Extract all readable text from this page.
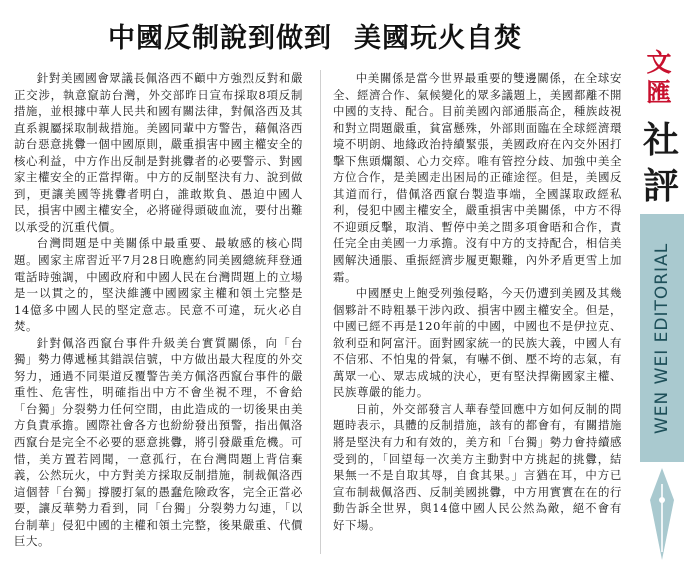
中國反制說到做到 美國玩火自焚

針對美國國會眾議長佩洛西不顧中方強烈反對和嚴正交涉，執意竄訪台灣，外交部昨日宣布採取8項反制措施，並根據中華人民共和國有關法律，對佩洛西及其直系親屬採取制裁措施。美國同輩中方警告，藉佩洛西訪台惡意挑釁一個中國原則，嚴重損害中國主權安全的核心利益，中方作出反制是對挑釁者的必要警示、對國家主權安全的正當捍衛。中方的反制堅決有力、說到做到，更讓美國等挑釁者明白，誰敢欺負、愚迫中國人民，損害中國主權安全，必將碰得頭破血流，要付出難以承受的沉重代價。

台灣問題是中美關係中最重要、最敏感的核心問題。國家主席習近平7月28日晚應約同美國總統拜登通電話時強調，中國政府和中國人民在台灣問題上的立場是一以貫之的，堅決維護中國國家主權和領土完整是14億多中國人民的堅定意志。民意不可違，玩火必自焚。

針對佩洛西竄台事件升級美台實質關係，向「台獨」勢力傳遞極其錯誤信號，中方做出最大程度的外交努力，通過不同渠道反覆警告美方佩洛西竄台事件的嚴重性、危害性，明確指出中方不會坐視不理，不會給「台獨」分裂勢力任何空間，由此造成的一切後果由美方負責承擔。國際社會各方也紛紛發出預警，指出佩洛西竄台是完全不必要的惡意挑釁，將引發嚴重危機。可惜，美方置若罔聞，一意孤行，在台灣問題上背信棄義，公然玩火，中方對美方採取反制措施，制裁佩洛西這個替「台獨」撐腰打氣的愚蠢危險政客，完全正當必要，讓反華勢力看到，同「台獨」分裂勢力勾連，「以台制華」侵犯中國的主權和領土完整，後果嚴重、代價巨大。

中美關係是當今世界最重要的雙邊關係，在全球安全、經濟合作、氣候變化的眾多議題上，美國都離不開中國的支持、配合。目前美國內部通脹高企，種族歧視和對立問題嚴重，貧富懸殊，外部則面臨在全球經濟環境不明朗、地緣政治持續緊張，美國政府在內交外困打擊下焦頭爛額、心力交瘁。唯有管控分歧、加強中美全方位合作，是美國走出困局的正確途徑。但是，美國反其道而行，借佩洛西竄台製造事端，全國謀取政經私利，侵犯中國主權安全，嚴重損害中美關係，中方不得不迎頭反擊，取消、暫停中美之間多項會晤和合作，責任完全由美國一力承擔。沒有中方的支持配合，相信美國解決通脹、重振經濟步履更艱難，內外矛盾更雪上加霜。

中國歷史上飽受列強侵略，今天仍遭到美國及其幾個夥計不時粗暴干涉內政、損害中國主權安全。但是，中國已經不再是120年前的中國，中國也不是伊拉克、敘利亞和阿富汗。面對國家統一的民族大義，中國人有不信邪、不怕鬼的骨氣，有嚇不倒、壓不垮的志氣，有萬眾一心、眾志成城的決心，更有堅決捍衛國家主權、民族尊嚴的能力。

日前，外交部發言人華春瑩回應中方如何反制的問題時表示，具體的反制措施，該有的都會有，有關措施將是堅決有力和有效的，美方和「台獨」勢力會持續感受到的，「回望每一次美方主動對中方挑起的挑釁，結果無一不是自取其辱，自食其果。」言猶在耳，中方已宣布制裁佩洛西、反制美國挑釁，中方用實實在在的行動告訴全世界，與14億中國人民公然為敵，絕不會有好下場。

文
匯
社
評
WEN WEI EDITORIAL
